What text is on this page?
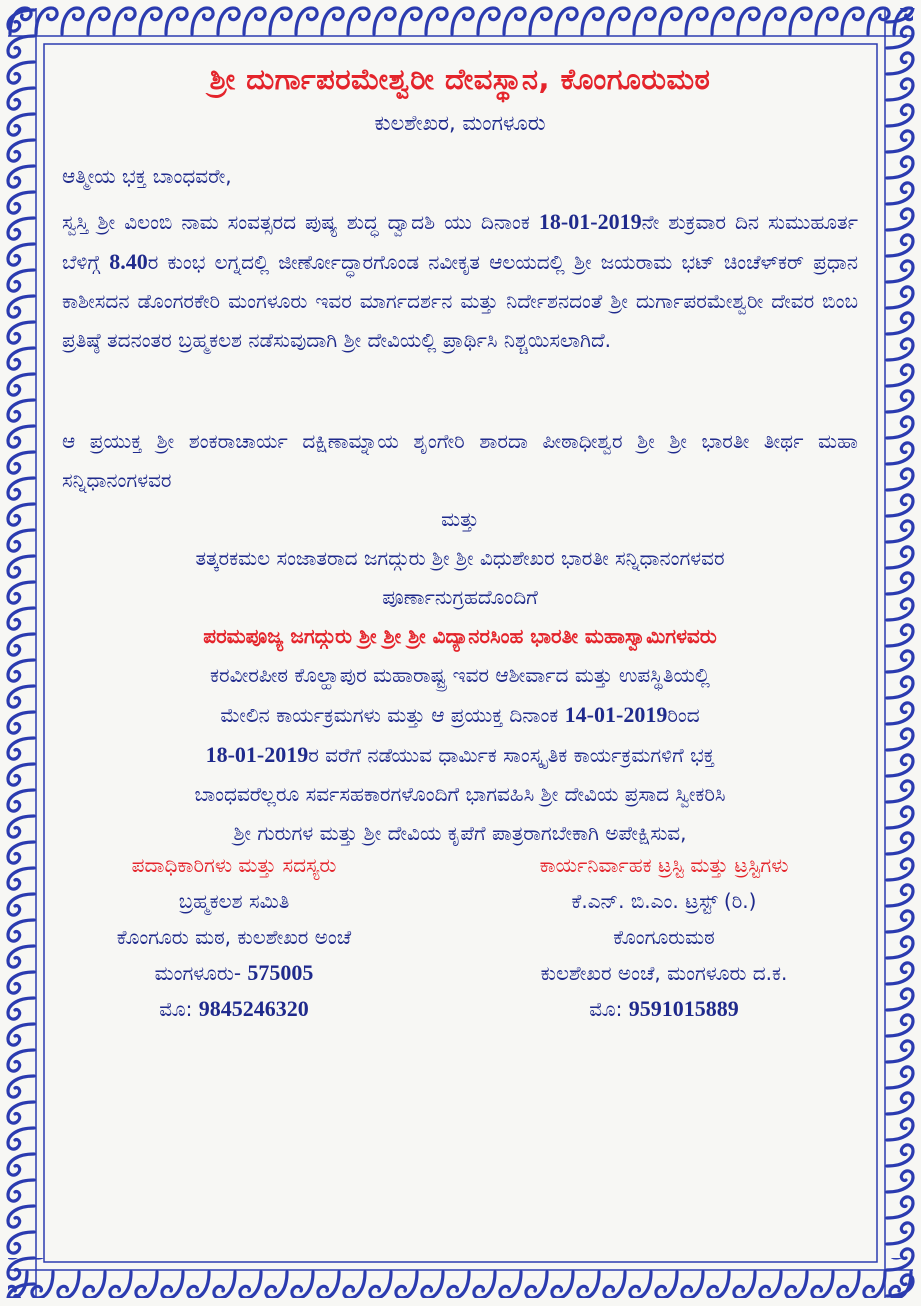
ಶ್ರೀ ದುರ್ಗಾಪರಮೇಶ್ವರೀ ದೇವಸ್ಥಾನ, ಕೊಂಗೂರುಮಠ
ಕುಲಶೇಖರ, ಮಂಗಳೂರು
ಆತ್ಮೀಯ ಭಕ್ತ ಬಾಂಧವರೇ,
ಸ್ವಸ್ತಿ ಶ್ರೀ ವಿಲಂಬಿ ನಾಮ ಸಂವತ್ಸರದ ಪುಷ್ಯ ಶುದ್ಧ ದ್ವಾದಶಿ ಯು ದಿನಾಂಕ 18-01-2019ನೇ ಶುಕ್ರವಾರ ದಿನ ಸುಮುಹೂರ್ತ ಬೆಳಿಗ್ಗೆ 8.40ರ ಕುಂಭ ಲಗ್ನದಲ್ಲಿ ಜೀರ್ಣೋದ್ಧಾರಗೊಂಡ ನವೀಕೃತ ಆಲಯದಲ್ಲಿ ಶ್ರೀ ಜಯರಾಮ ಭಟ್ ಚಿಂಚೆಳ್‌ಕರ್ ಪ್ರಧಾನ ಕಾಶೀಸದನ ಡೊಂಗರಕೇರಿ ಮಂಗಳೂರು ಇವರ ಮಾರ್ಗದರ್ಶನ ಮತ್ತು ನಿರ್ದೇಶನದಂತೆ ಶ್ರೀ ದುರ್ಗಾಪರಮೇಶ್ವರೀ ದೇವರ ಬಿಂಬ ಪ್ರತಿಷ್ಠೆ ತದನಂತರ ಬ್ರಹ್ಮಕಲಶ ನಡೆಸುವುದಾಗಿ ಶ್ರೀ ದೇವಿಯಲ್ಲಿ ಪ್ರಾರ್ಥಿಸಿ ನಿಶ್ಚಯಿಸಲಾಗಿದೆ.
ಆ ಪ್ರಯುಕ್ತ ಶ್ರೀ ಶಂಕರಾಚಾರ್ಯ ದಕ್ಷಿಣಾಮ್ನಾಯ ಶೃಂಗೇರಿ ಶಾರದಾ ಪೀಠಾಧೀಶ್ವರ ಶ್ರೀ ಶ್ರೀ ಭಾರತೀ ತೀರ್ಥ ಮಹಾ ಸನ್ನಿಧಾನಂಗಳವರ
ಮತ್ತು
ತತ್ಕರಕಮಲ ಸಂಜಾತರಾದ ಜಗದ್ಗುರು ಶ್ರೀ ಶ್ರೀ ವಿಧುಶೇಖರ ಭಾರತೀ ಸನ್ನಿಧಾನಂಗಳವರ
ಪೂರ್ಣಾನುಗ್ರಹದೊಂದಿಗೆ
ಪರಮಪೂಜ್ಯ ಜಗದ್ಗುರು ಶ್ರೀ ಶ್ರೀ ಶ್ರೀ ವಿದ್ಯಾನರಸಿಂಹ ಭಾರತೀ ಮಹಾಸ್ವಾಮಿಗಳವರು
ಕರವೀರಪೀಠ ಕೊಲ್ಹಾಪುರ ಮಹಾರಾಷ್ಟ್ರ ಇವರ ಆಶೀರ್ವಾದ ಮತ್ತು ಉಪಸ್ಥಿತಿಯಲ್ಲಿ
ಮೇಲಿನ ಕಾರ್ಯಕ್ರಮಗಳು ಮತ್ತು ಆ ಪ್ರಯುಕ್ತ ದಿನಾಂಕ 14-01-2019ರಿಂದ
18-01-2019ರ ವರೆಗೆ ನಡೆಯುವ ಧಾರ್ಮಿಕ ಸಾಂಸ್ಕೃತಿಕ ಕಾರ್ಯಕ್ರಮಗಳಿಗೆ ಭಕ್ತ
ಬಾಂಧವರೆಲ್ಲರೂ ಸರ್ವಸಹಕಾರಗಳೊಂದಿಗೆ ಭಾಗವಹಿಸಿ ಶ್ರೀ ದೇವಿಯ ಪ್ರಸಾದ ಸ್ವೀಕರಿಸಿ
ಶ್ರೀ ಗುರುಗಳ ಮತ್ತು ಶ್ರೀ ದೇವಿಯ ಕೃಪೆಗೆ ಪಾತ್ರರಾಗಬೇಕಾಗಿ ಅಪೇಕ್ಷಿಸುವ,
ಪದಾಧಿಕಾರಿಗಳು ಮತ್ತು ಸದಸ್ಯರು
ಬ್ರಹ್ಮಕಲಶ ಸಮಿತಿ
ಕೊಂಗೂರು ಮಠ, ಕುಲಶೇಖರ ಅಂಚೆ
ಮಂಗಳೂರು- 575005
ಮೊ: 9845246320
ಕಾರ್ಯನಿರ್ವಾಹಕ ಟ್ರಸ್ಟಿ ಮತ್ತು ಟ್ರಸ್ಟಿಗಳು
ಕೆ.ಎನ್. ಬಿ.ಎಂ. ಟ್ರಸ್ಟ್ (ರಿ.)
ಕೊಂಗೂರುಮಠ
ಕುಲಶೇಖರ ಅಂಚೆ, ಮಂಗಳೂರು ದ.ಕ.
ಮೊ: 9591015889
